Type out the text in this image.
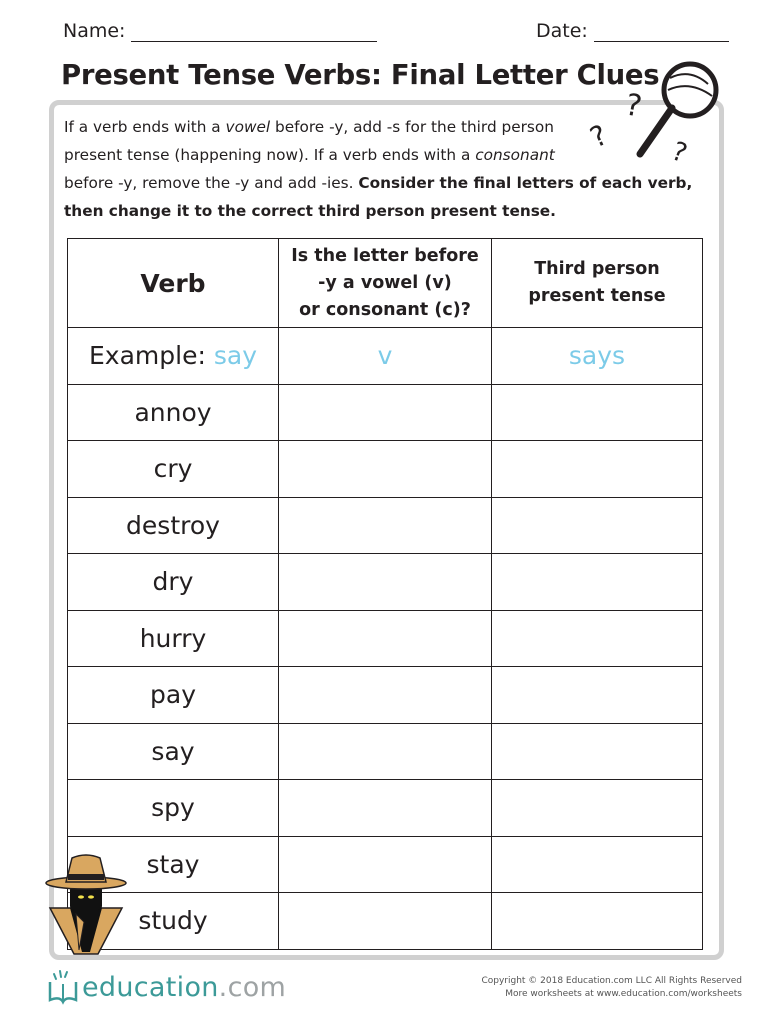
Name:	Date:
Present Tense Verbs: Final Letter Clues
?
? ?

If a verb ends with a vowel before -y, add -s for the third person
present tense (happening now). If a verb ends with a consonant
before -y, remove the -y and add -ies. Consider the final letters of each verb,
then change it to the correct third person present tense.

Verb	Is the letter before
-y a vowel (v)
or consonant (c)?	Third person
present tense
Example: say	v	says
annoy		
cry		
destroy		
dry		
hurry		
pay		
say		
spy		
stay		
study		
education.com	Copyright © 2018 Education.com LLC All Rights Reserved
More worksheets at www.education.com/worksheets
